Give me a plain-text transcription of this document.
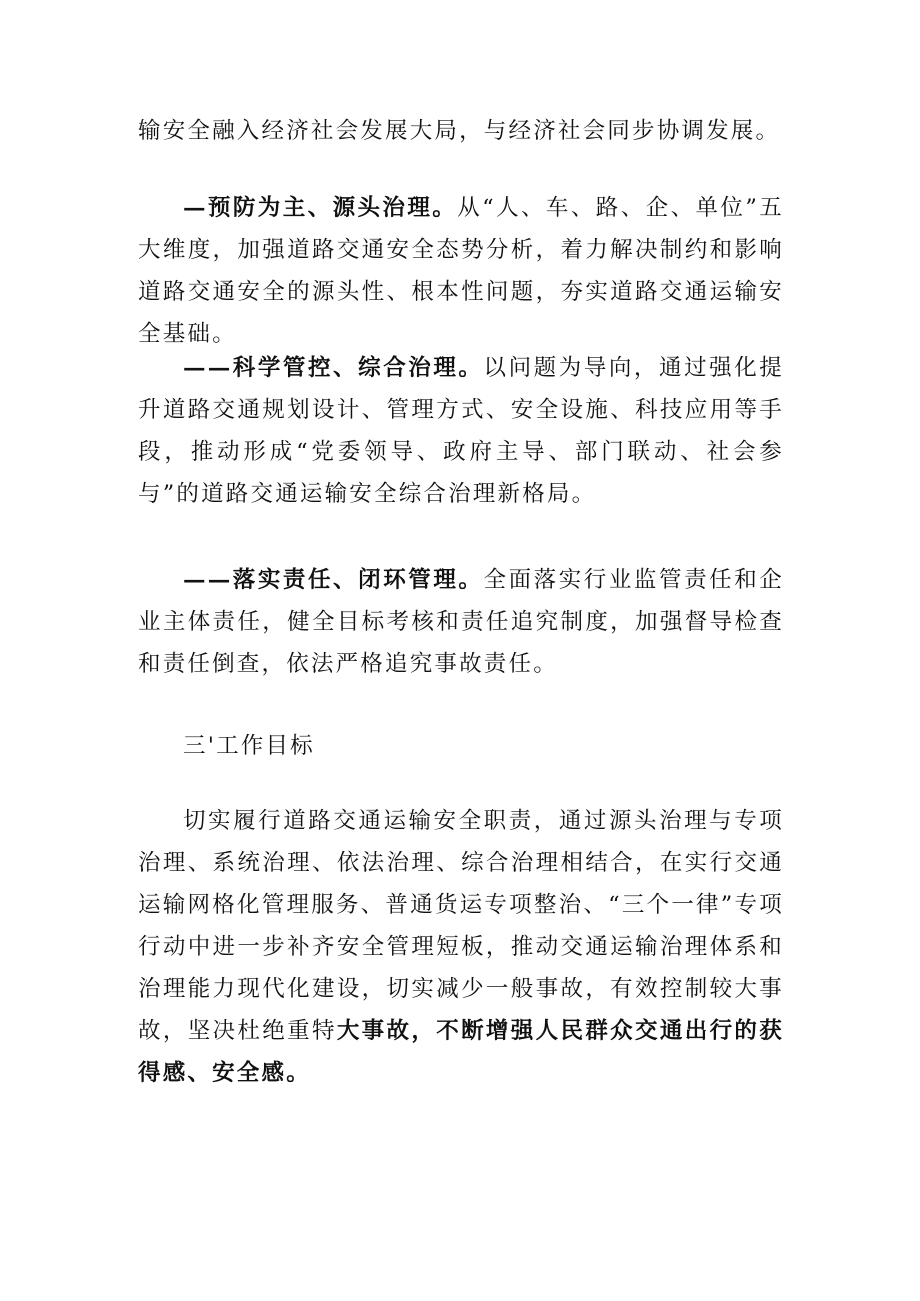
输安全融入经济社会发展大局，与经济社会同步协调发展。

—预防为主、源头治理。从“人、车、路、企、单位”五大维度，加强道路交通安全态势分析，着力解决制约和影响道路交通安全的源头性、根本性问题，夯实道路交通运输安全基础。

——科学管控、综合治理。以问题为导向，通过强化提升道路交通规划设计、管理方式、安全设施、科技应用等手段，推动形成“党委领导、政府主导、部门联动、社会参与”的道路交通运输安全综合治理新格局。

——落实责任、闭环管理。全面落实行业监管责任和企业主体责任，健全目标考核和责任追究制度，加强督导检查和责任倒查，依法严格追究事故责任。

三'工作目标

切实履行道路交通运输安全职责，通过源头治理与专项治理、系统治理、依法治理、综合治理相结合，在实行交通运输网格化管理服务、普通货运专项整治、“三个一律”专项行动中进一步补齐安全管理短板，推动交通运输治理体系和治理能力现代化建设，切实减少一般事故，有效控制较大事故，坚决杜绝重特大事故，不断增强人民群众交通出行的获得感、安全感。
